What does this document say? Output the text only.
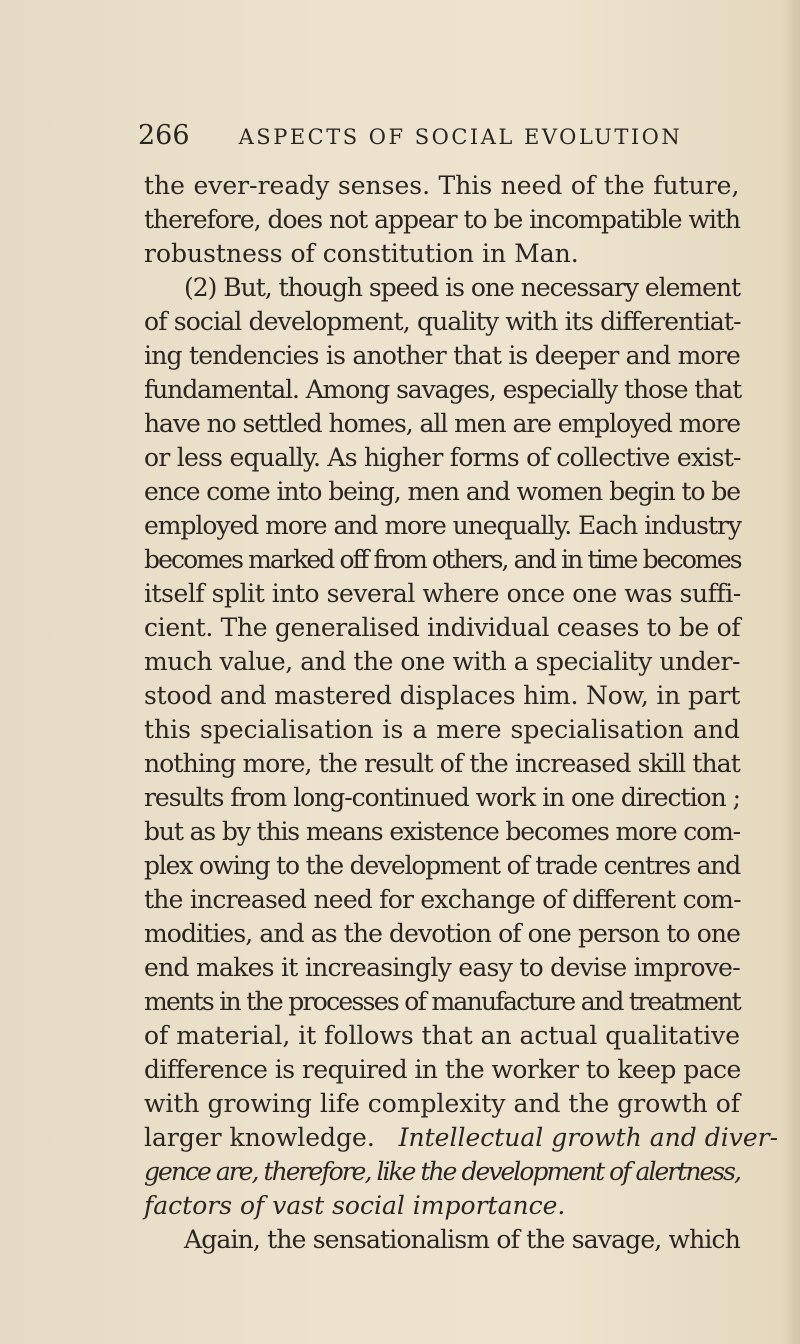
266 ASPECTS OF SOCIAL EVOLUTION
the ever-ready senses. This need of the future,
therefore, does not appear to be incompatible with
robustness of constitution in Man.
(2) But, though speed is one necessary element
of social development, quality with its differentiat-
ing tendencies is another that is deeper and more
fundamental. Among savages, especially those that
have no settled homes, all men are employed more
or less equally. As higher forms of collective exist-
ence come into being, men and women begin to be
employed more and more unequally. Each industry
becomes marked off from others, and in time becomes
itself split into several where once one was suffi-
cient. The generalised individual ceases to be of
much value, and the one with a speciality under-
stood and mastered displaces him. Now, in part
this specialisation is a mere specialisation and
nothing more, the result of the increased skill that
results from long-continued work in one direction ;
but as by this means existence becomes more com-
plex owing to the development of trade centres and
the increased need for exchange of different com-
modities, and as the devotion of one person to one
end makes it increasingly easy to devise improve-
ments in the processes of manufacture and treatment
of material, it follows that an actual qualitative
difference is required in the worker to keep pace
with growing life complexity and the growth of
larger knowledge. Intellectual growth and diver-
gence are, therefore, like the development of alertness,
factors of vast social importance.
Again, the sensationalism of the savage, which
